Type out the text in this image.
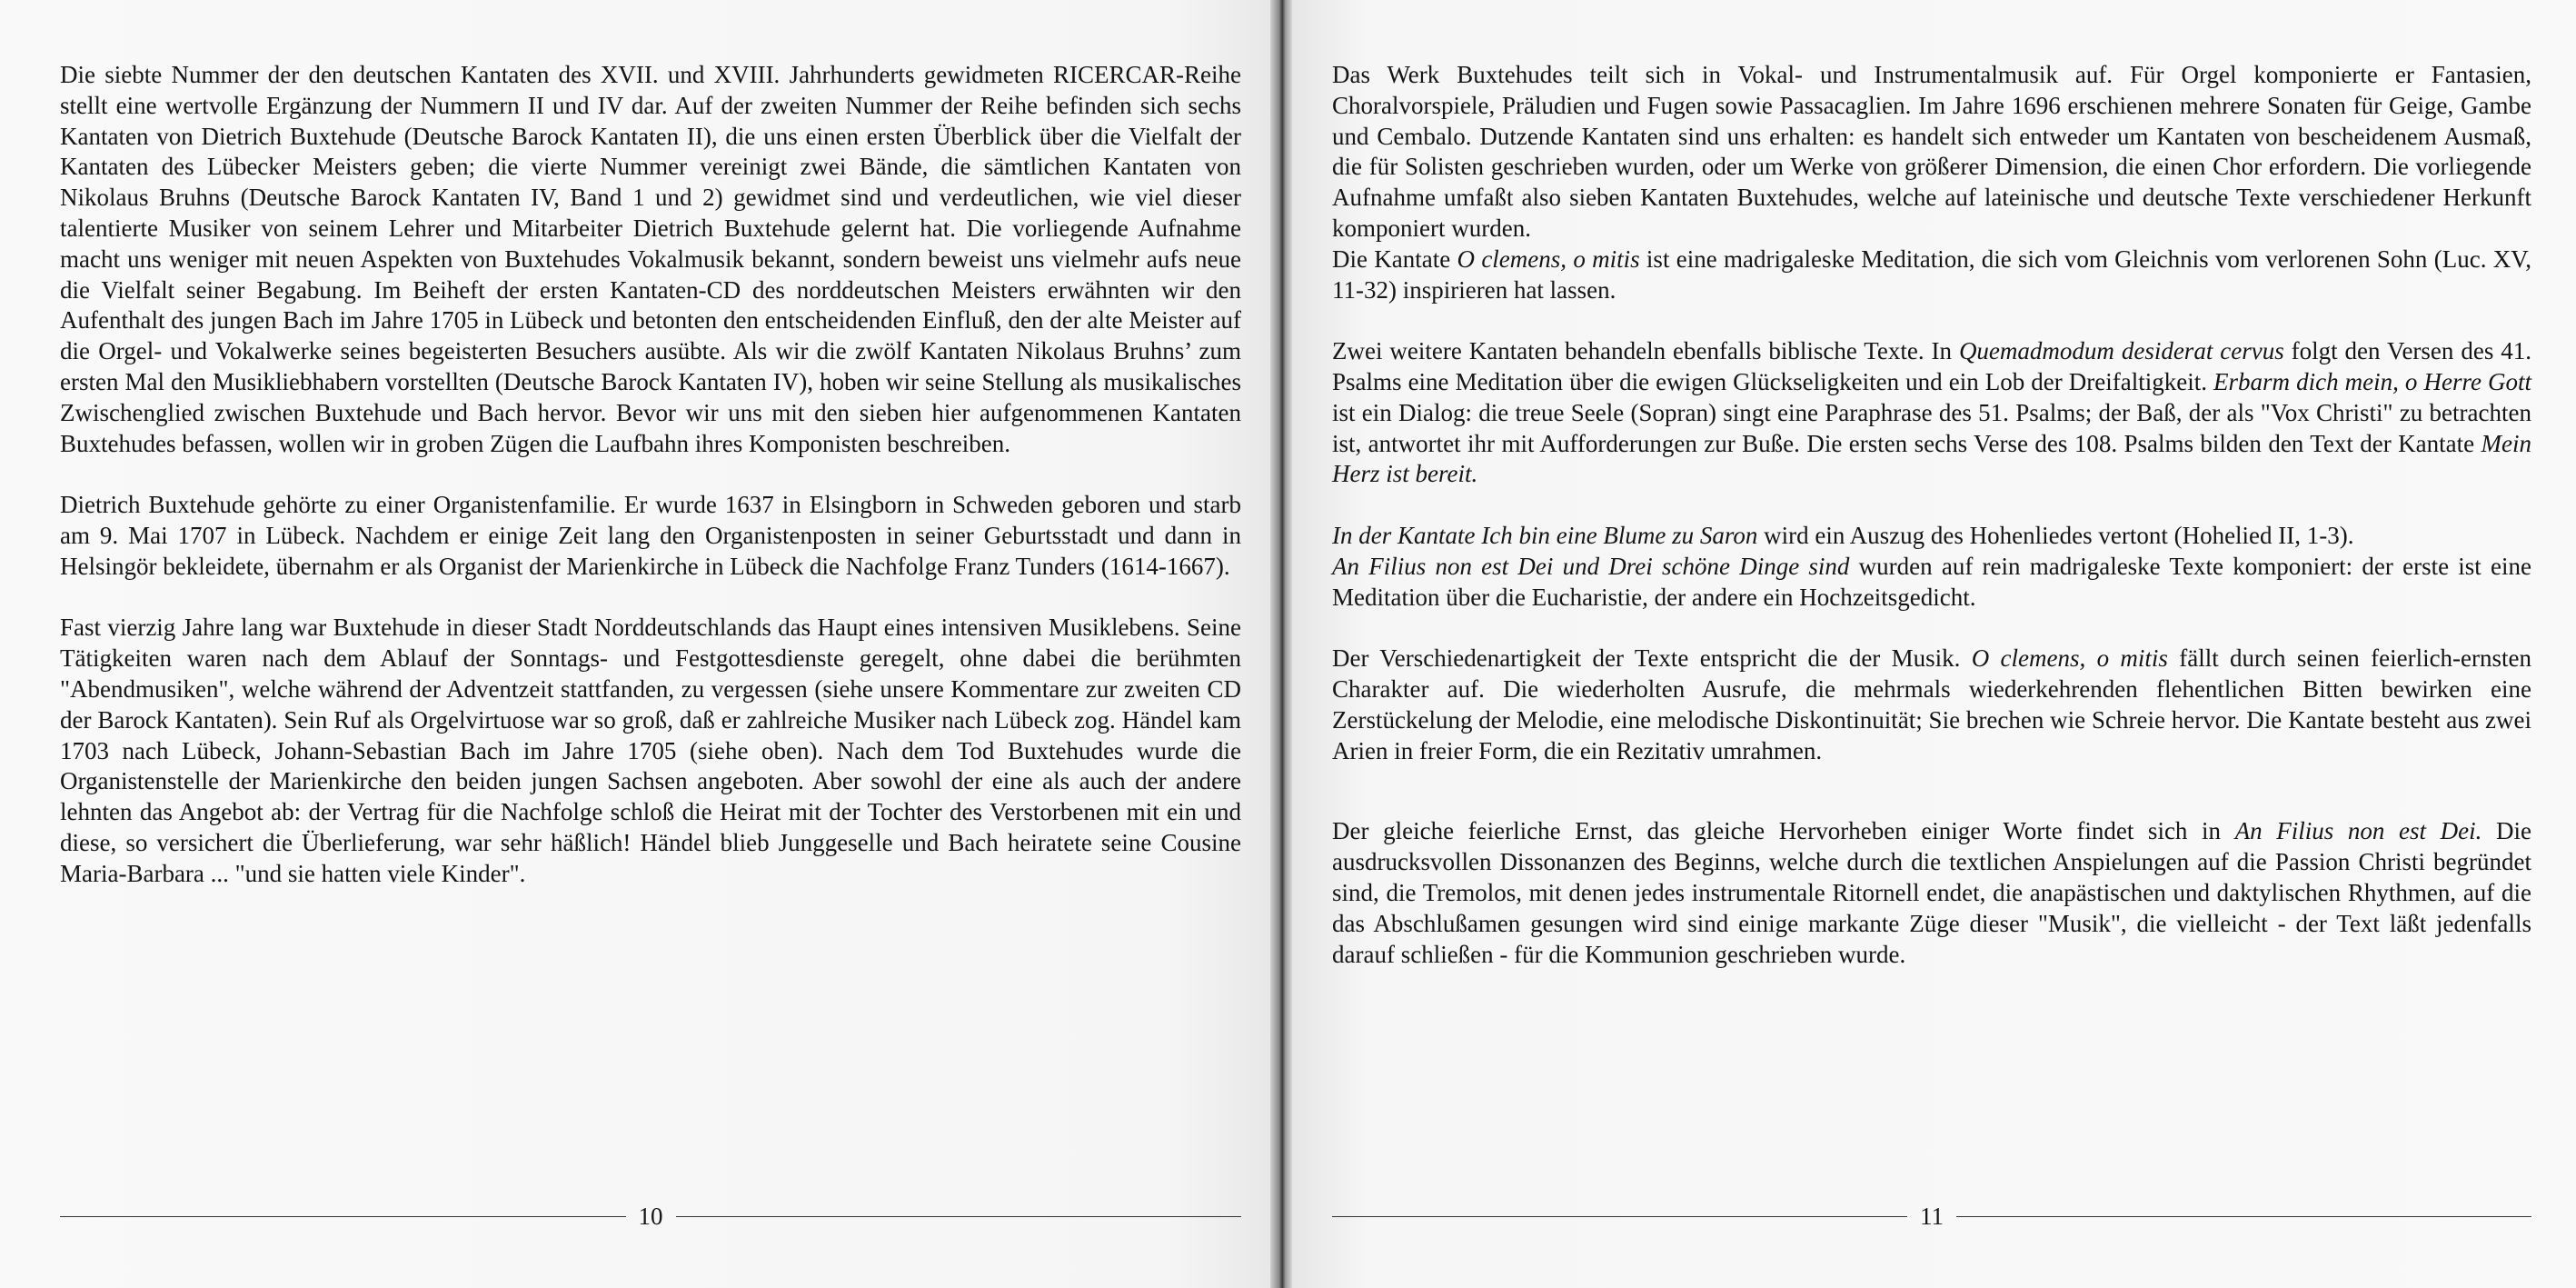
Die siebte Nummer der den deutschen Kantaten des XVII. und XVIII. Jahrhunderts gewidmeten RICERCAR-Reihe stellt eine wertvolle Ergänzung der Nummern II und IV dar. Auf der zweiten Nummer der Reihe befinden sich sechs Kantaten von Dietrich Buxtehude (Deutsche Barock Kantaten II), die uns einen ersten Überblick über die Vielfalt der Kantaten des Lübecker Meisters geben; die vierte Nummer vereinigt zwei Bände, die sämtlichen Kantaten von Nikolaus Bruhns (Deutsche Barock Kantaten IV, Band 1 und 2) gewidmet sind und verdeutlichen, wie viel dieser talentierte Musiker von seinem Lehrer und Mitarbeiter Dietrich Buxtehude gelernt hat. Die vorliegende Aufnahme macht uns weniger mit neuen Aspekten von Buxtehudes Vokalmusik bekannt, sondern beweist uns vielmehr aufs neue die Vielfalt seiner Begabung. Im Beiheft der ersten Kantaten-CD des norddeutschen Meisters erwähnten wir den Aufenthalt des jungen Bach im Jahre 1705 in Lübeck und betonten den entscheidenden Einfluß, den der alte Meister auf die Orgel- und Vokalwerke seines begeisterten Besuchers ausübte. Als wir die zwölf Kantaten Nikolaus Bruhns’ zum ersten Mal den Musikliebhabern vorstellten (Deutsche Barock Kantaten IV), hoben wir seine Stellung als musikalisches Zwischenglied zwischen Buxtehude und Bach hervor. Bevor wir uns mit den sieben hier aufgenommenen Kantaten Buxtehudes befassen, wollen wir in groben Zügen die Laufbahn ihres Komponisten beschreiben.

Dietrich Buxtehude gehörte zu einer Organistenfamilie. Er wurde 1637 in Elsingborn in Schweden geboren und starb am 9. Mai 1707 in Lübeck. Nachdem er einige Zeit lang den Organistenposten in seiner Geburtsstadt und dann in Helsingör bekleidete, übernahm er als Organist der Marienkirche in Lübeck die Nachfolge Franz Tunders (1614-1667).

Fast vierzig Jahre lang war Buxtehude in dieser Stadt Norddeutschlands das Haupt eines intensiven Musiklebens. Seine Tätigkeiten waren nach dem Ablauf der Sonntags- und Festgottesdienste geregelt, ohne dabei die berühmten "Abendmusiken", welche während der Adventzeit stattfanden, zu vergessen (siehe unsere Kommentare zur zweiten CD der Barock Kantaten). Sein Ruf als Orgelvirtuose war so groß, daß er zahlreiche Musiker nach Lübeck zog. Händel kam 1703 nach Lübeck, Johann-Sebastian Bach im Jahre 1705 (siehe oben). Nach dem Tod Buxtehudes wurde die Organistenstelle der Marienkirche den beiden jungen Sachsen angeboten. Aber sowohl der eine als auch der andere lehnten das Angebot ab: der Vertrag für die Nachfolge schloß die Heirat mit der Tochter des Verstorbenen mit ein und diese, so versichert die Überlieferung, war sehr häßlich! Händel blieb Junggeselle und Bach heiratete seine Cousine Maria-Barbara ... "und sie hatten viele Kinder".

10

Das Werk Buxtehudes teilt sich in Vokal- und Instrumentalmusik auf. Für Orgel komponierte er Fantasien, Choralvorspiele, Präludien und Fugen sowie Passacaglien. Im Jahre 1696 erschienen mehrere Sonaten für Geige, Gambe und Cembalo. Dutzende Kantaten sind uns erhalten: es handelt sich entweder um Kantaten von bescheidenem Ausmaß, die für Solisten geschrieben wurden, oder um Werke von größerer Dimension, die einen Chor erfordern. Die vorliegende Aufnahme umfaßt also sieben Kantaten Buxtehudes, welche auf lateinische und deutsche Texte verschiedener Herkunft komponiert wurden.

Die Kantate O clemens, o mitis ist eine madrigaleske Meditation, die sich vom Gleichnis vom verlorenen Sohn (Luc. XV, 11-32) inspirieren hat lassen.

Zwei weitere Kantaten behandeln ebenfalls biblische Texte. In Quemadmodum desiderat cervus folgt den Versen des 41. Psalms eine Meditation über die ewigen Glückseligkeiten und ein Lob der Dreifaltigkeit. Erbarm dich mein, o Herre Gott ist ein Dialog: die treue Seele (Sopran) singt eine Paraphrase des 51. Psalms; der Baß, der als "Vox Christi" zu betrachten ist, antwortet ihr mit Aufforderungen zur Buße. Die ersten sechs Verse des 108. Psalms bilden den Text der Kantate Mein Herz ist bereit.

In der Kantate Ich bin eine Blume zu Saron wird ein Auszug des Hohenliedes vertont (Hohelied II, 1-3).

An Filius non est Dei und Drei schöne Dinge sind wurden auf rein madrigaleske Texte komponiert: der erste ist eine Meditation über die Eucharistie, der andere ein Hochzeitsgedicht.

Der Verschiedenartigkeit der Texte entspricht die der Musik. O clemens, o mitis fällt durch seinen feierlich-ernsten Charakter auf. Die wiederholten Ausrufe, die mehrmals wiederkehrenden flehentlichen Bitten bewirken eine Zerstückelung der Melodie, eine melodische Diskontinuität; Sie brechen wie Schreie hervor. Die Kantate besteht aus zwei Arien in freier Form, die ein Rezitativ umrahmen.

Der gleiche feierliche Ernst, das gleiche Hervorheben einiger Worte findet sich in An Filius non est Dei. Die ausdrucksvollen Dissonanzen des Beginns, welche durch die textlichen Anspielungen auf die Passion Christi begründet sind, die Tremolos, mit denen jedes instrumentale Ritornell endet, die anapästischen und daktylischen Rhythmen, auf die das Abschlußamen gesungen wird sind einige markante Züge dieser "Musik", die vielleicht - der Text läßt jedenfalls darauf schließen - für die Kommunion geschrieben wurde.

11
